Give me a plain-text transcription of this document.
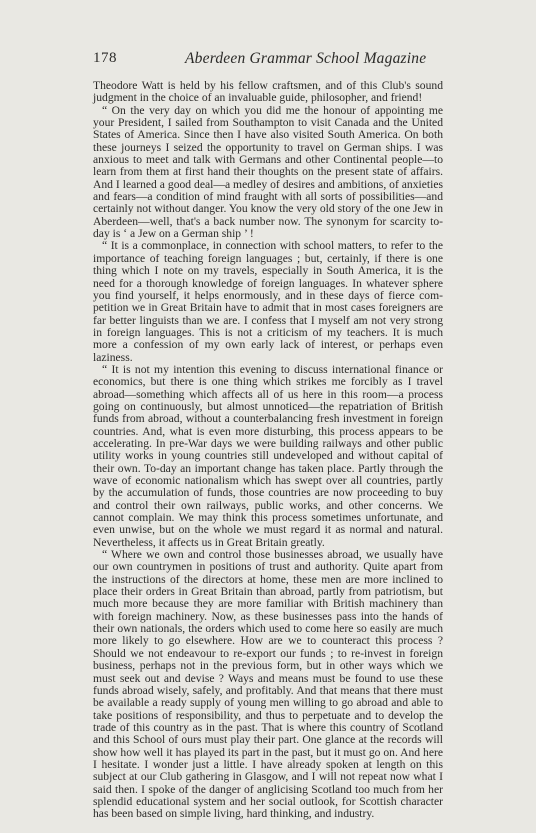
178	Aberdeen Grammar School Magazine

Theodore Watt is held by his fellow craftsmen, and of this Club's sound judgment in the choice of an invaluable guide, philosopher, and friend!

“ On the very day on which you did me the honour of appointing me your President, I sailed from Southampton to visit Canada and the United States of America. Since then I have also visited South America. On both these journeys I seized the opportunity to travel on German ships. I was anxious to meet and talk with Germans and other Continental people—to learn from them at first hand their thoughts on the present state of affairs. And I learned a good deal—a medley of desires and ambitions, of anxieties and fears—a condition of mind fraught with all sorts of possibilities—and certainly not without danger. You know the very old story of the one Jew in Aberdeen—well, that's a back number now. The synonym for scarcity to-day is ‘ a Jew on a German ship ’ !

“ It is a commonplace, in connection with school matters, to refer to the importance of teaching foreign languages ; but, certainly, if there is one thing which I note on my travels, especially in South America, it is the need for a thorough knowledge of foreign languages. In whatever sphere you find yourself, it helps enormously, and in these days of fierce competition we in Great Britain have to admit that in most cases foreigners are far better linguists than we are. I confess that I myself am not very strong in foreign languages. This is not a criticism of my teachers. It is much more a confession of my own early lack of interest, or perhaps even laziness.

“ It is not my intention this evening to discuss international finance or economics, but there is one thing which strikes me forcibly as I travel abroad—something which affects all of us here in this room—a process going on continuously, but almost unnoticed—the repatriation of British funds from abroad, without a counterbalancing fresh investment in foreign countries. And, what is even more disturbing, this process appears to be accelerating. In pre-War days we were building railways and other public utility works in young countries still undeveloped and without capital of their own. To-day an important change has taken place. Partly through the wave of economic nationalism which has swept over all countries, partly by the accumulation of funds, those countries are now proceeding to buy and control their own railways, public works, and other concerns. We cannot complain. We may think this process sometimes unfortunate, and even unwise, but on the whole we must regard it as normal and natural. Nevertheless, it affects us in Great Britain greatly.

“ Where we own and control those businesses abroad, we usually have our own countrymen in positions of trust and authority. Quite apart from the instructions of the directors at home, these men are more inclined to place their orders in Great Britain than abroad, partly from patriotism, but much more because they are more familiar with British machinery than with foreign machinery. Now, as these businesses pass into the hands of their own nationals, the orders which used to come here so easily are much more likely to go elsewhere. How are we to counteract this process ? Should we not endeavour to re-export our funds ; to re-invest in foreign business, perhaps not in the previous form, but in other ways which we must seek out and devise ? Ways and means must be found to use these funds abroad wisely, safely, and profitably. And that means that there must be available a ready supply of young men willing to go abroad and able to take positions of responsibility, and thus to perpetuate and to develop the trade of this country as in the past. That is where this country of Scotland and this School of ours must play their part. One glance at the records will show how well it has played its part in the past, but it must go on. And here I hesitate. I wonder just a little. I have already spoken at length on this subject at our Club gathering in Glasgow, and I will not repeat now what I said then. I spoke of the danger of anglicising Scotland too much from her splendid educational system and her social outlook, for Scottish character has been based on simple living, hard thinking, and industry.
